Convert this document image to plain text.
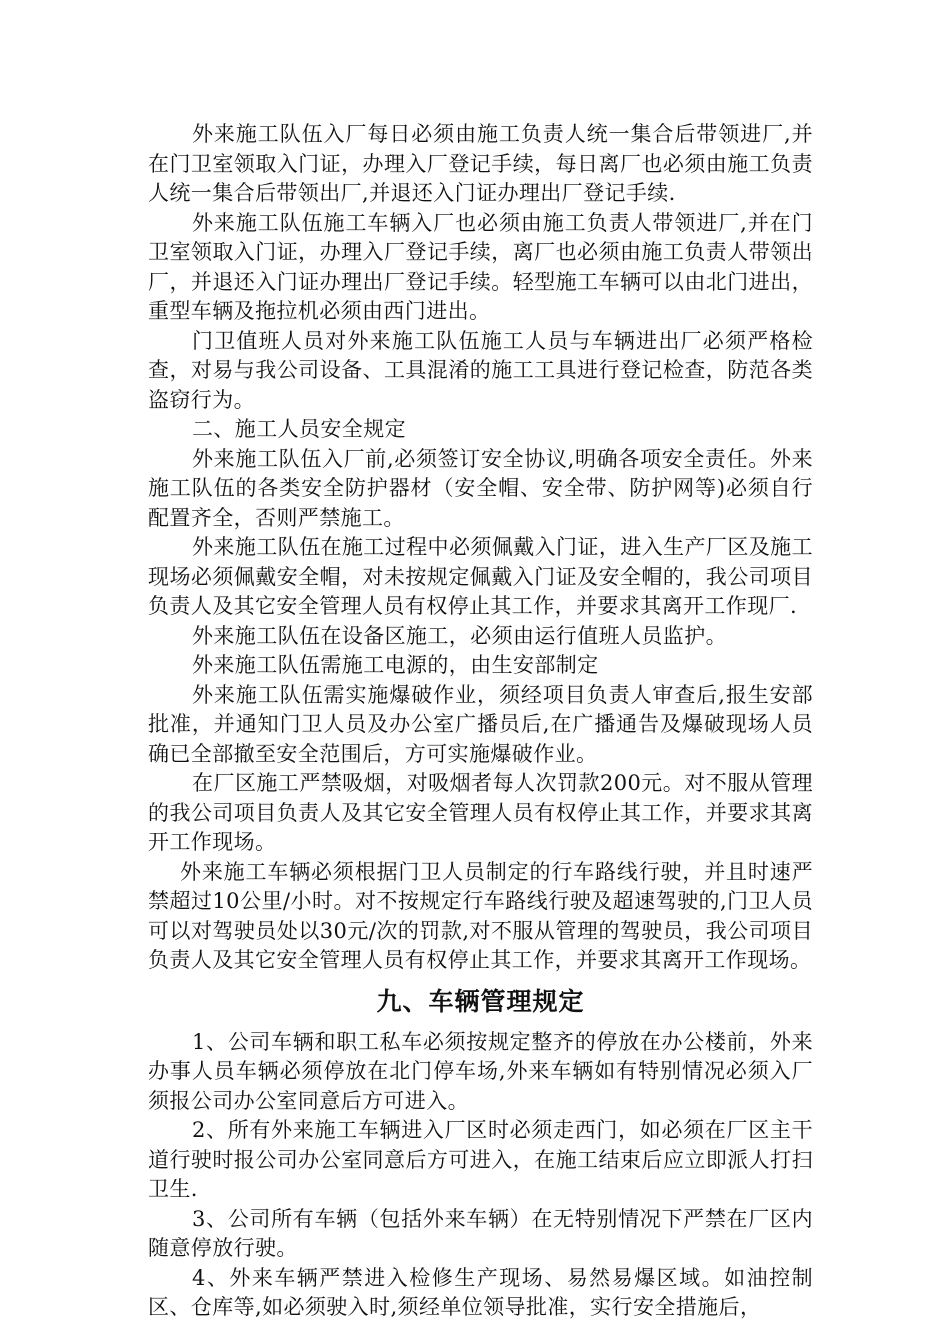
外来施工队伍入厂每日必须由施工负责人统一集合后带领进厂,并在门卫室领取入门证，办理入厂登记手续，每日离厂也必须由施工负责人统一集合后带领出厂,并退还入门证办理出厂登记手续.

外来施工队伍施工车辆入厂也必须由施工负责人带领进厂,并在门卫室领取入门证，办理入厂登记手续，离厂也必须由施工负责人带领出厂，并退还入门证办理出厂登记手续。轻型施工车辆可以由北门进出，重型车辆及拖拉机必须由西门进出。

门卫值班人员对外来施工队伍施工人员与车辆进出厂必须严格检查，对易与我公司设备、工具混淆的施工工具进行登记检查，防范各类盗窃行为。

二、施工人员安全规定

外来施工队伍入厂前,必须签订安全协议,明确各项安全责任。外来施工队伍的各类安全防护器材（安全帽、安全带、防护网等)必须自行配置齐全，否则严禁施工。

外来施工队伍在施工过程中必须佩戴入门证，进入生产厂区及施工现场必须佩戴安全帽，对未按规定佩戴入门证及安全帽的，我公司项目负责人及其它安全管理人员有权停止其工作，并要求其离开工作现厂.

外来施工队伍在设备区施工，必须由运行值班人员监护。

外来施工队伍需施工电源的，由生安部制定

外来施工队伍需实施爆破作业，须经项目负责人审查后,报生安部批准，并通知门卫人员及办公室广播员后,在广播通告及爆破现场人员确已全部撤至安全范围后，方可实施爆破作业。

在厂区施工严禁吸烟，对吸烟者每人次罚款200元。对不服从管理的我公司项目负责人及其它安全管理人员有权停止其工作，并要求其离开工作现场。

外来施工车辆必须根据门卫人员制定的行车路线行驶，并且时速严禁超过10公里/小时。对不按规定行车路线行驶及超速驾驶的,门卫人员可以对驾驶员处以30元/次的罚款,对不服从管理的驾驶员，我公司项目负责人及其它安全管理人员有权停止其工作，并要求其离开工作现场。

九、车辆管理规定

1、公司车辆和职工私车必须按规定整齐的停放在办公楼前，外来办事人员车辆必须停放在北门停车场,外来车辆如有特别情况必须入厂须报公司办公室同意后方可进入。

2、所有外来施工车辆进入厂区时必须走西门，如必须在厂区主干道行驶时报公司办公室同意后方可进入，在施工结束后应立即派人打扫卫生.

3、公司所有车辆（包括外来车辆）在无特别情况下严禁在厂区内随意停放行驶。

4、外来车辆严禁进入检修生产现场、易然易爆区域。如油控制区、仓库等,如必须驶入时,须经单位领导批准，实行安全措施后，
